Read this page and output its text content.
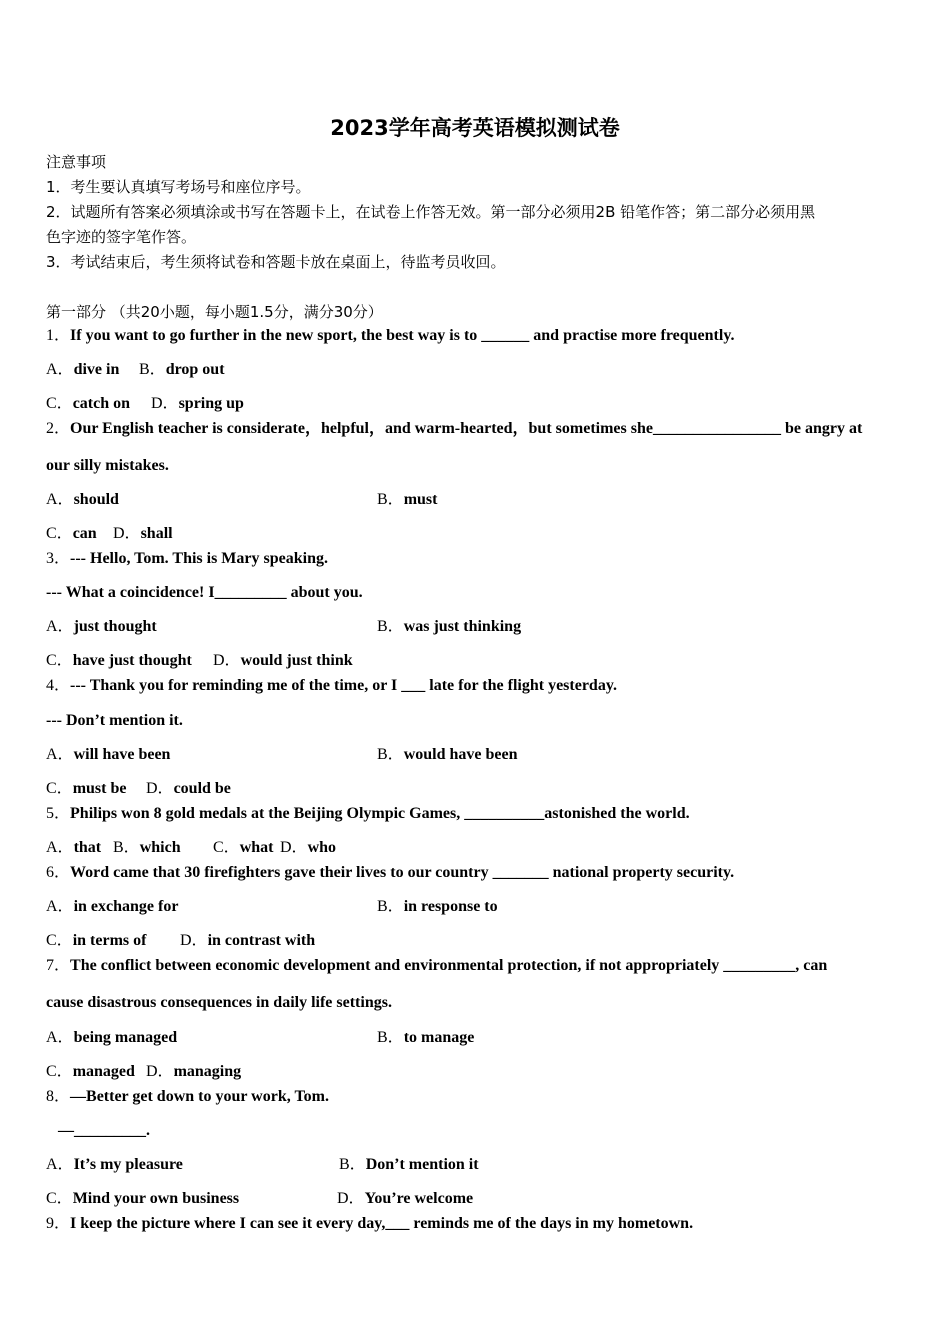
2023学年高考英语模拟测试卷
注意事项
1．考生要认真填写考场号和座位序号。
2．试题所有答案必须填涂或书写在答题卡上，在试卷上作答无效。第一部分必须用2B 铅笔作答；第二部分必须用黑
色字迹的签字笔作答。
3．考试结束后，考生须将试卷和答题卡放在桌面上，待监考员收回。
第一部分 （共20小题，每小题1.5分，满分30分）
1．If you want to go further in the new sport, the best way is to ______ and practise more frequently.
A．dive in B．drop out
C．catch on D．spring up
2．Our English teacher is considerate，helpful，and warm-hearted，but sometimes she________________ be angry at
our silly mistakes.
A．should	B．must
C．can D．shall
3．--- Hello, Tom. This is Mary speaking.
--- What a coincidence! I_________ about you.
A．just thought	B．was just thinking
C．have just thought D．would just think
4．--- Thank you for reminding me of the time, or I ___ late for the flight yesterday.
--- Don’t mention it.
A．will have been	B．would have been
C．must be D．could be
5．Philips won 8 gold medals at the Beijing Olympic Games, __________astonished the world.
A．that B．which C．what D．who
6．Word came that 30 firefighters gave their lives to our country _______ national property security.
A．in exchange for	B．in response to
C．in terms of D．in contrast with
7．The conflict between economic development and environmental protection, if not appropriately _________, can
cause disastrous consequences in daily life settings.
A．being managed	B．to manage
C．managed D．managing
8．—Better get down to your work, Tom.
—_________.
A．It’s my pleasure	B．Don’t mention it
C．Mind your own business	D．You’re welcome
9．I keep the picture where I can see it every day,___ reminds me of the days in my hometown.
